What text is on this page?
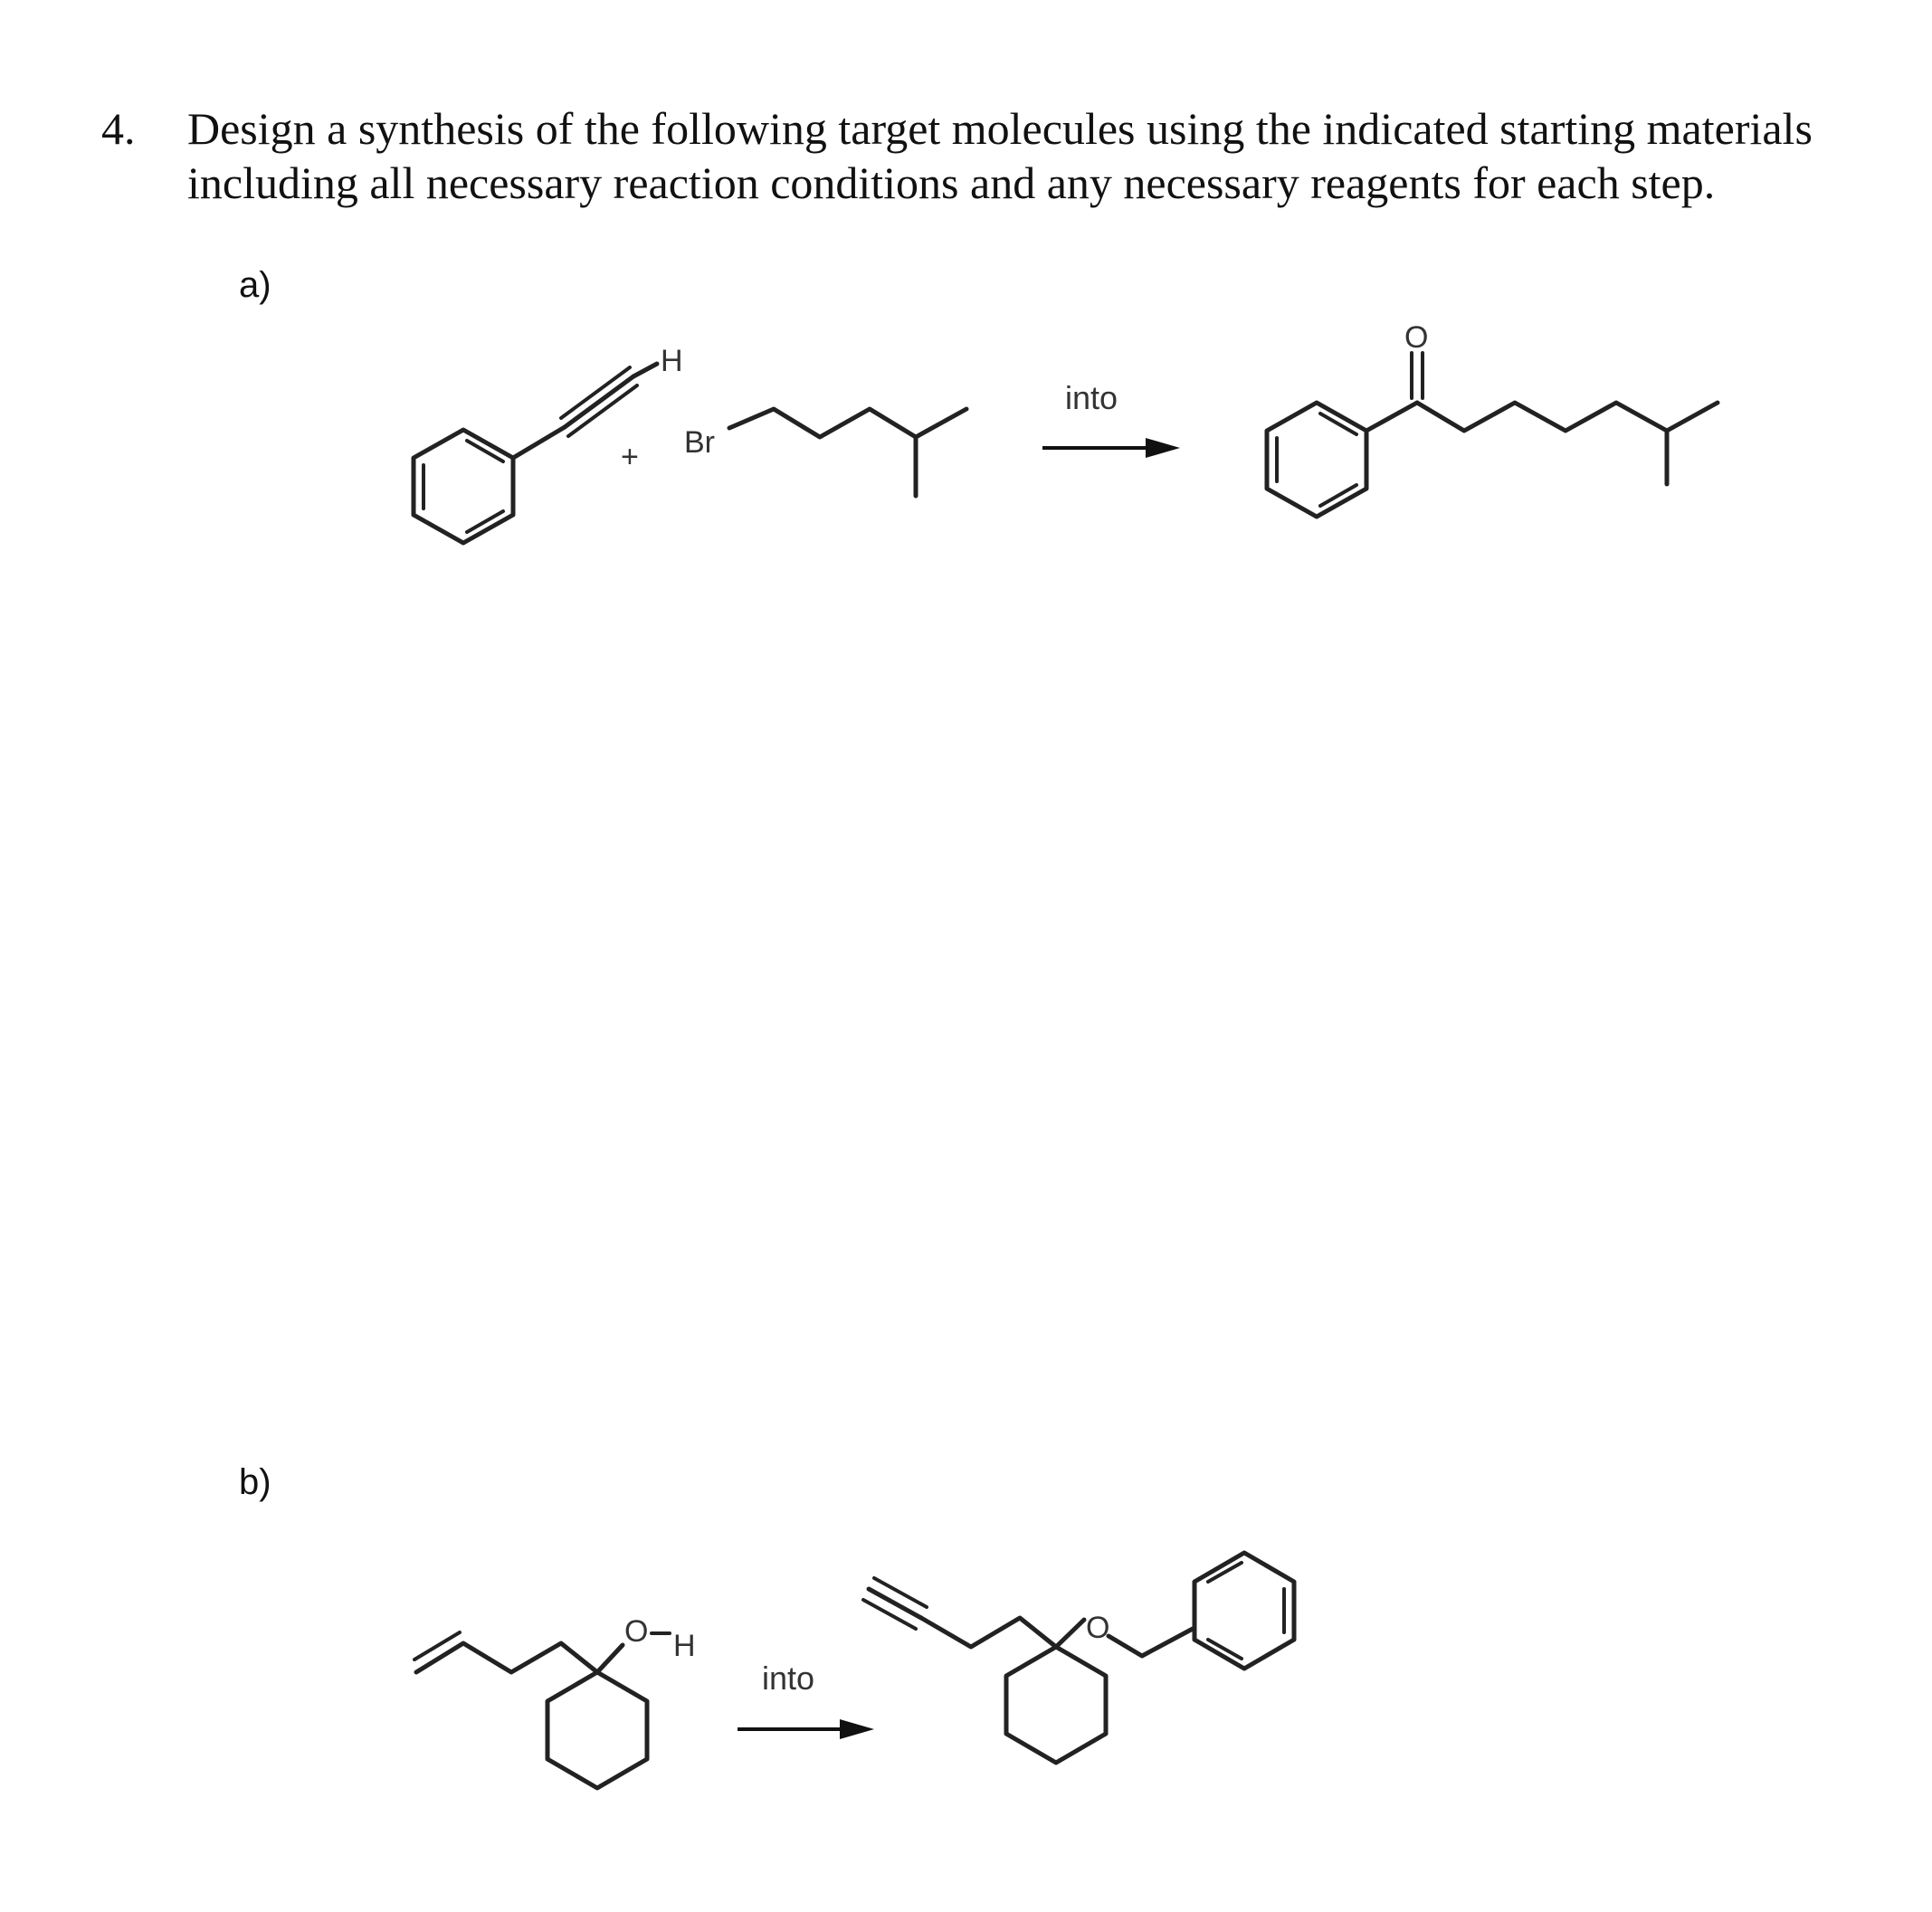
4. Design a synthesis of the following target molecules using the indicated starting materials
including all necessary reaction conditions and any necessary reagents for each step.
a)
b)
H
+ Br
into
O
O H
into
O
